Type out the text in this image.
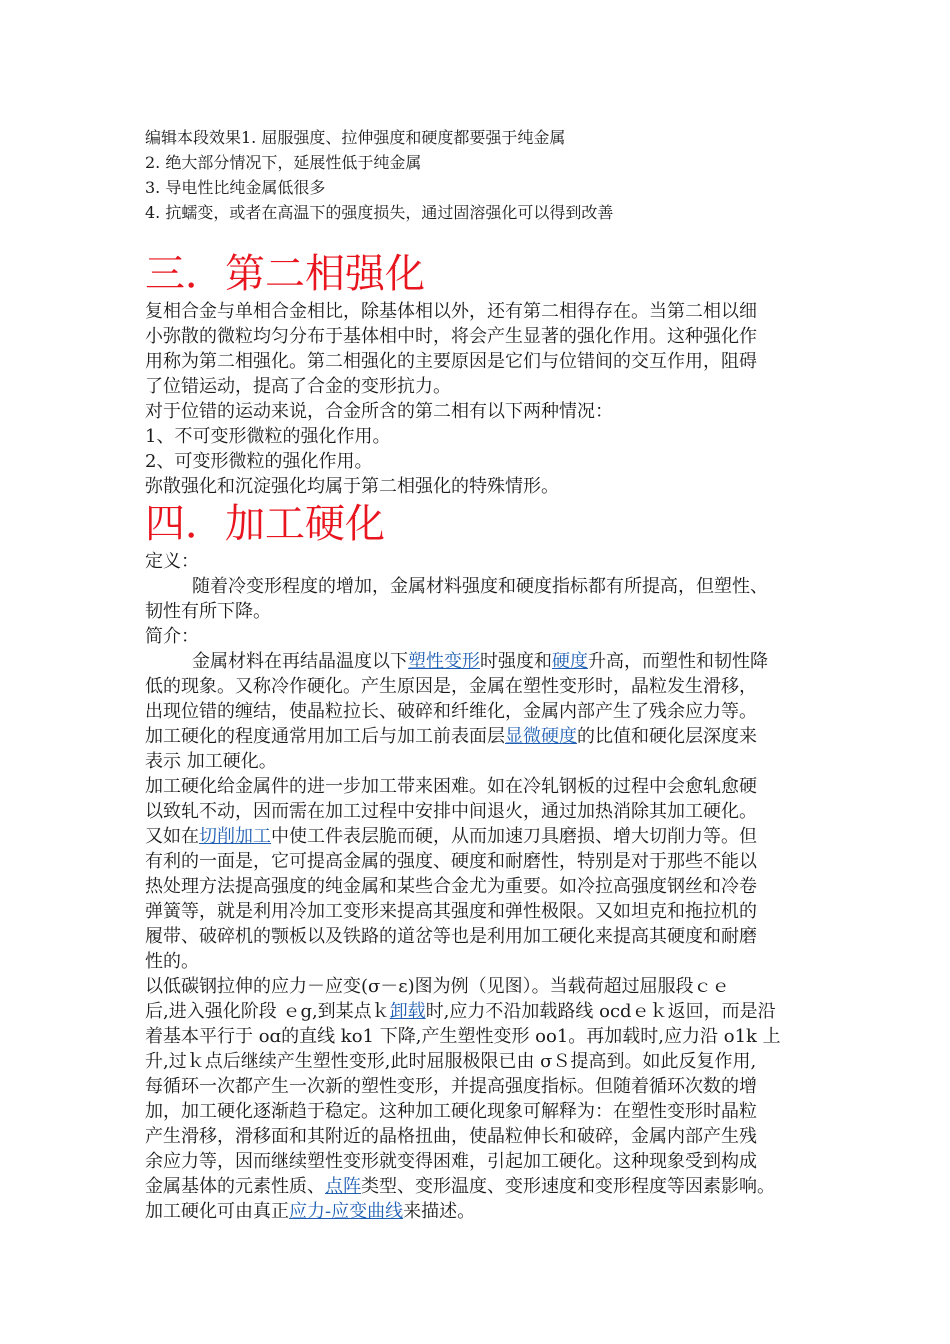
编辑本段效果1. 屈服强度、拉伸强度和硬度都要强于纯金属
2. 绝大部分情况下，延展性低于纯金属
3. 导电性比纯金属低很多
4. 抗蠕变，或者在高温下的强度损失，通过固溶强化可以得到改善
三．第二相强化
复相合金与单相合金相比，除基体相以外，还有第二相得存在。当第二相以细
小弥散的微粒均匀分布于基体相中时，将会产生显著的强化作用。这种强化作
用称为第二相强化。第二相强化的主要原因是它们与位错间的交互作用，阻碍
了位错运动，提高了合金的变形抗力。
对于位错的运动来说，合金所含的第二相有以下两种情况：
1、不可变形微粒的强化作用。
2、可变形微粒的强化作用。
弥散强化和沉淀强化均属于第二相强化的特殊情形。
四．加工硬化
定义：
随着冷变形程度的增加，金属材料强度和硬度指标都有所提高，但塑性、
韧性有所下降。
简介：
金属材料在再结晶温度以下塑性变形时强度和硬度升高，而塑性和韧性降
低的现象。又称冷作硬化。产生原因是，金属在塑性变形时，晶粒发生滑移，
出现位错的缠结，使晶粒拉长、破碎和纤维化，金属内部产生了残余应力等。
加工硬化的程度通常用加工后与加工前表面层显微硬度的比值和硬化层深度来
表示 加工硬化。
加工硬化给金属件的进一步加工带来困难。如在冷轧钢板的过程中会愈轧愈硬
以致轧不动，因而需在加工过程中安排中间退火，通过加热消除其加工硬化。
又如在切削加工中使工件表层脆而硬，从而加速刀具磨损、增大切削力等。但
有利的一面是，它可提高金属的强度、硬度和耐磨性，特别是对于那些不能以
热处理方法提高强度的纯金属和某些合金尤为重要。如冷拉高强度钢丝和冷卷
弹簧等，就是利用冷加工变形来提高其强度和弹性极限。又如坦克和拖拉机的
履带、破碎机的颚板以及铁路的道岔等也是利用加工硬化来提高其硬度和耐磨
性的。
以低碳钢拉伸的应力－应变(σ－ε)图为例（见图）。当载荷超过屈服段ｃｅ
后,进入强化阶段 ｅg,到某点ｋ卸载时,应力不沿加载路线 ocdｅｋ返回，而是沿
着基本平行于 oɑ的直线 ko1 下降,产生塑性变形 oo1。再加载时,应力沿 o1k 上
升,过ｋ点后继续产生塑性变形,此时屈服极限已由 σＳ提高到。如此反复作用,
每循环一次都产生一次新的塑性变形，并提高强度指标。但随着循环次数的增
加，加工硬化逐渐趋于稳定。这种加工硬化现象可解释为：在塑性变形时晶粒
产生滑移，滑移面和其附近的晶格扭曲，使晶粒伸长和破碎，金属内部产生残
余应力等，因而继续塑性变形就变得困难，引起加工硬化。这种现象受到构成
金属基体的元素性质、点阵类型、变形温度、变形速度和变形程度等因素影响。
加工硬化可由真正应力-应变曲线来描述。
